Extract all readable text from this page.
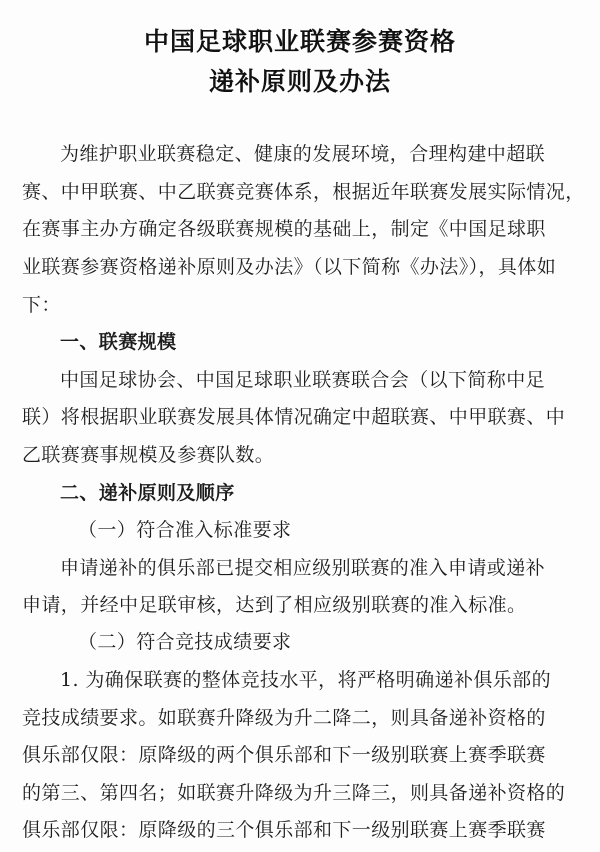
中国足球职业联赛参赛资格
递补原则及办法
为维护职业联赛稳定、健康的发展环境，合理构建中超联
赛、中甲联赛、中乙联赛竞赛体系，根据近年联赛发展实际情况，
在赛事主办方确定各级联赛规模的基础上，制定《中国足球职
业联赛参赛资格递补原则及办法》（以下简称《办法》），具体如
下：
一、联赛规模
中国足球协会、中国足球职业联赛联合会（以下简称中足
联）将根据职业联赛发展具体情况确定中超联赛、中甲联赛、中
乙联赛赛事规模及参赛队数。
二、递补原则及顺序
（一）符合准入标准要求
申请递补的俱乐部已提交相应级别联赛的准入申请或递补
申请，并经中足联审核，达到了相应级别联赛的准入标准。
（二）符合竞技成绩要求
1. 为确保联赛的整体竞技水平，将严格明确递补俱乐部的
竞技成绩要求。如联赛升降级为升二降二，则具备递补资格的
俱乐部仅限：原降级的两个俱乐部和下一级别联赛上赛季联赛
的第三、第四名；如联赛升降级为升三降三，则具备递补资格的
俱乐部仅限：原降级的三个俱乐部和下一级别联赛上赛季联赛
